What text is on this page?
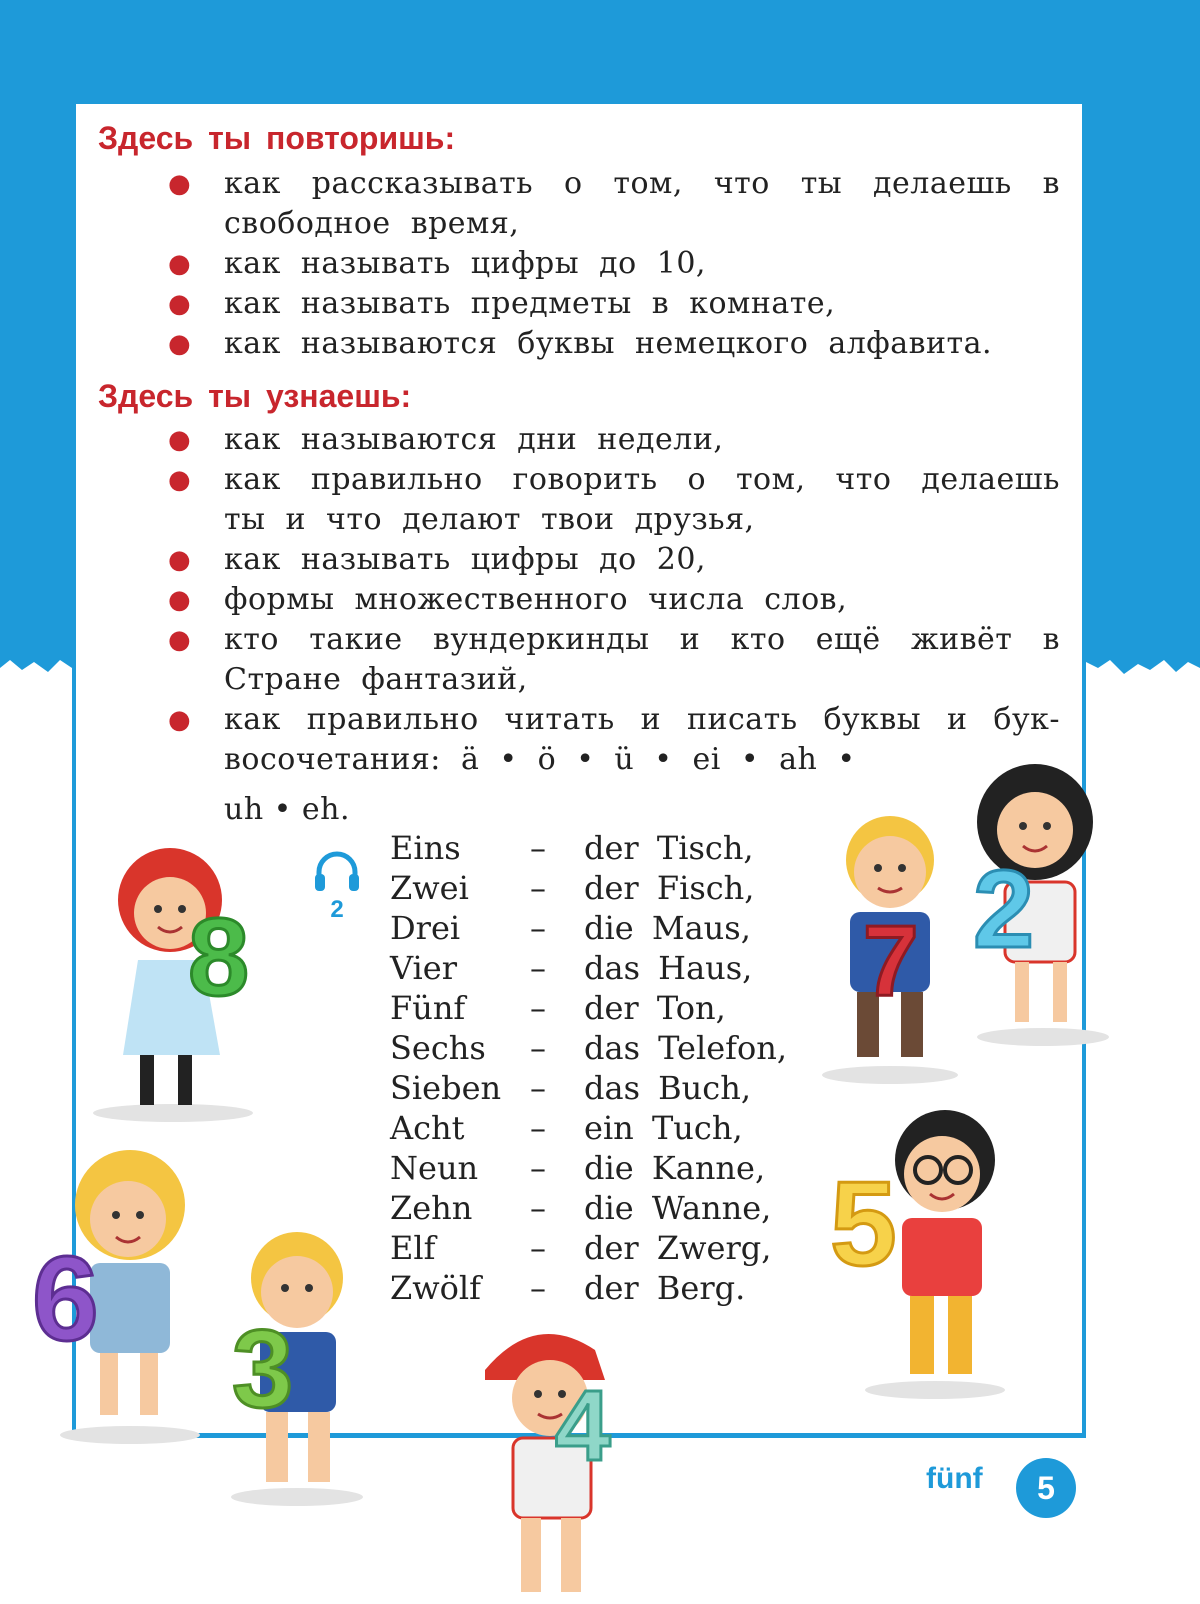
Здесь ты повторишь:
● как рассказывать о том, что ты делаешь в свободное время,
● как называть цифры до 10,
● как называть предметы в комнате,
● как называются буквы немецкого алфавита.
Здесь ты узнаешь:
● как называются дни недели,
● как правильно говорить о том, что делаешь ты и что делают твои друзья,
● как называть цифры до 20,
● формы множественного числа слов,
● кто такие вундеркинды и кто ещё живёт в Стране фантазий,
● как правильно читать и писать буквы и бук-восочетания: ä • ö • ü • ei • ah •
uh • eh.
2
Eins – der Tisch,
Zwei – der Fisch,
Drei – die Maus,
Vier – das Haus,
Fünf – der Ton,
Sechs – das Telefon,
Sieben – das Buch,
Acht – ein Tuch,
Neun – die Kanne,
Zehn – die Wanne,
Elf	– der Zwerg,
Zwölf – der Berg.
8	7 2
5
6
3	4	fünf	5
